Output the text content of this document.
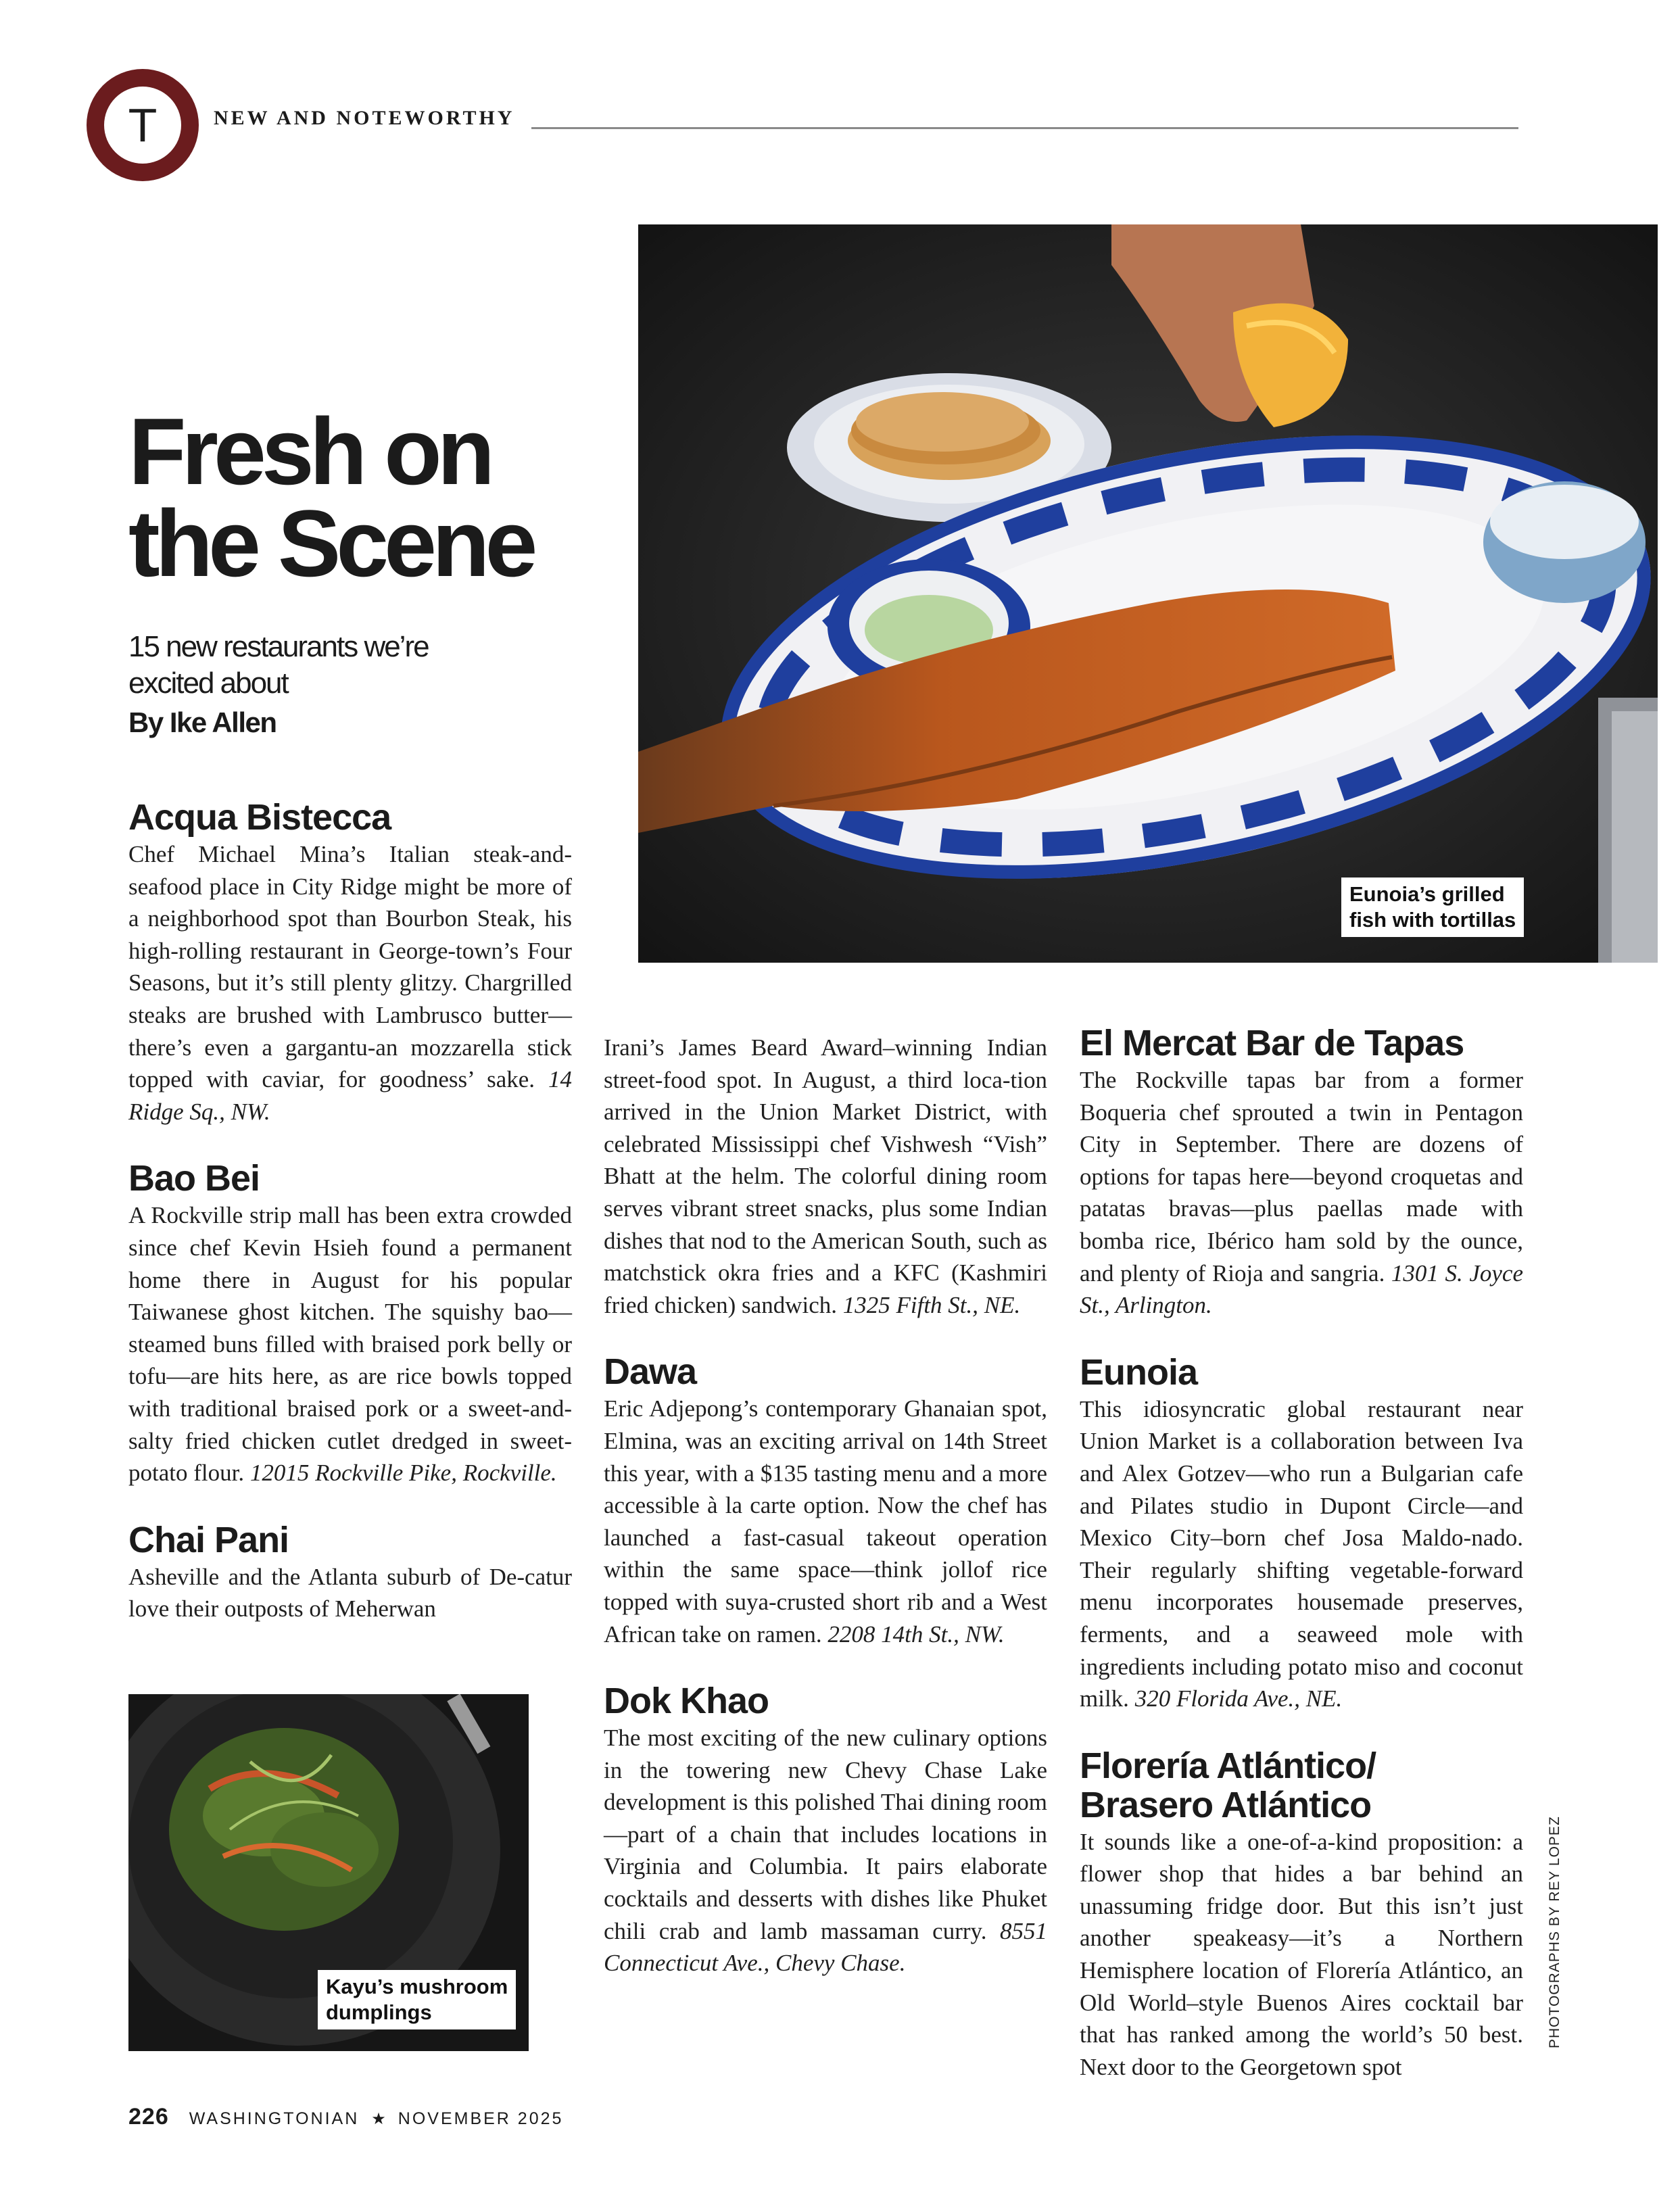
T	NEW AND NOTEWORTHY
Fresh on
the Scene
15 new restaurants we’re excited about
By Ike Allen
Eunoia’s grilled
fish with tortillas
Kayu’s mushroom
dumplings
Acqua Bistecca

Chef Michael Mina’s Italian steak-and-seafood place in City Ridge might be more of a neighborhood spot than Bourbon Steak, his high-rolling restaurant in George-town’s Four Seasons, but it’s still plenty glitzy. Chargrilled steaks are brushed with Lambrusco butter—there’s even a gargantu-an mozzarella stick topped with caviar, for goodness’ sake. 14 Ridge Sq., NW.

Bao Bei

A Rockville strip mall has been extra crowded since chef Kevin Hsieh found a permanent home there in August for his popular Taiwanese ghost kitchen. The squishy bao—steamed buns filled with braised pork belly or tofu—are hits here, as are rice bowls topped with traditional braised pork or a sweet-and-salty fried chicken cutlet dredged in sweet-potato flour. 12015 Rockville Pike, Rockville.

Chai Pani

Asheville and the Atlanta suburb of De-catur love their outposts of Meherwan

Irani’s James Beard Award–winning Indian street-food spot. In August, a third loca-tion arrived in the Union Market District, with celebrated Mississippi chef Vishwesh “Vish” Bhatt at the helm. The colorful dining room serves vibrant street snacks, plus some Indian dishes that nod to the American South, such as matchstick okra fries and a KFC (Kashmiri fried chicken) sandwich. 1325 Fifth St., NE.

Dawa

Eric Adjepong’s contemporary Ghanaian spot, Elmina, was an exciting arrival on 14th Street this year, with a $135 tasting menu and a more accessible à la carte option. Now the chef has launched a fast-casual takeout operation within the same space—think jollof rice topped with suya-crusted short rib and a West African take on ramen. 2208 14th St., NW.

Dok Khao

The most exciting of the new culinary options in the towering new Chevy Chase Lake development is this polished Thai dining room—part of a chain that includes locations in Virginia and Columbia. It pairs elaborate cocktails and desserts with dishes like Phuket chili crab and lamb massaman curry. 8551 Connecticut Ave., Chevy Chase.

El Mercat Bar de Tapas

The Rockville tapas bar from a former Boqueria chef sprouted a twin in Pentagon City in September. There are dozens of options for tapas here—beyond croquetas and patatas bravas—plus paellas made with bomba rice, Ibérico ham sold by the ounce, and plenty of Rioja and sangria. 1301 S. Joyce St., Arlington.

Eunoia

This idiosyncratic global restaurant near Union Market is a collaboration between Iva and Alex Gotzev—who run a Bulgarian cafe and Pilates studio in Dupont Circle—and Mexico City–born chef Josa Maldo-nado. Their regularly shifting vegetable-forward menu incorporates housemade preserves, ferments, and a seaweed mole with ingredients including potato miso and coconut milk. 320 Florida Ave., NE.

Florería Atlántico/
Brasero Atlántico

It sounds like a one-of-a-kind proposition: a flower shop that hides a bar behind an unassuming fridge door. But this isn’t just another speakeasy—it’s a Northern Hemisphere location of Florería Atlántico, an Old World–style Buenos Aires cocktail bar that has ranked among the world’s 50 best. Next door to the Georgetown spot

PHOTOGRAPHS BY REY LOPEZ
226 WASHINGTONIAN ★ NOVEMBER 2025
